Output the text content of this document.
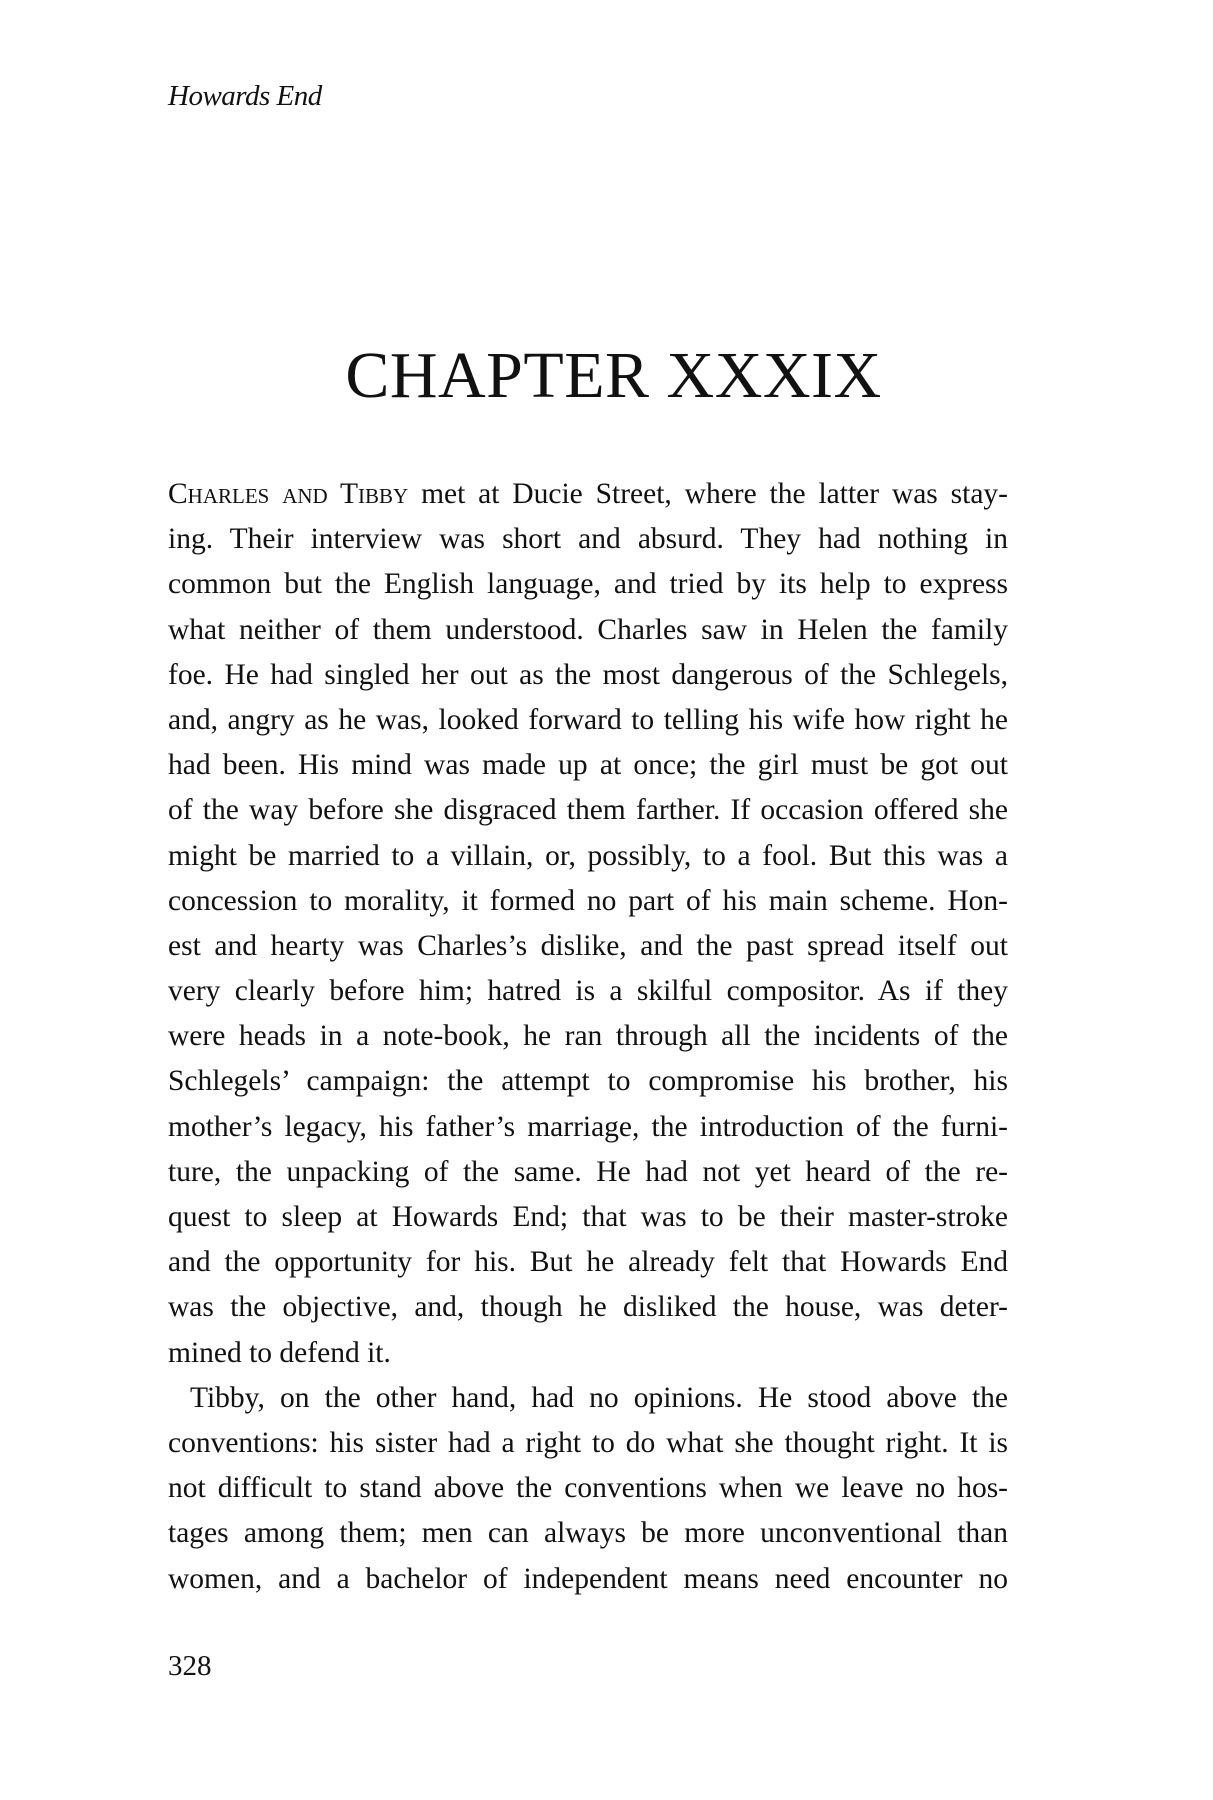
Howards End
CHAPTER XXXIX
Charles and Tibby met at Ducie Street, where the latter was stay-
ing. Their interview was short and absurd. They had nothing in
common but the English language, and tried by its help to express
what neither of them understood. Charles saw in Helen the family
foe. He had singled her out as the most dangerous of the Schlegels,
and, angry as he was, looked forward to telling his wife how right he
had been. His mind was made up at once; the girl must be got out
of the way before she disgraced them farther. If occasion offered she
might be married to a villain, or, possibly, to a fool. But this was a
concession to morality, it formed no part of his main scheme. Hon-
est and hearty was Charles’s dislike, and the past spread itself out
very clearly before him; hatred is a skilful compositor. As if they
were heads in a note-book, he ran through all the incidents of the
Schlegels’ campaign: the attempt to compromise his brother, his
mother’s legacy, his father’s marriage, the introduction of the furni-
ture, the unpacking of the same. He had not yet heard of the re-
quest to sleep at Howards End; that was to be their master-stroke
and the opportunity for his. But he already felt that Howards End
was the objective, and, though he disliked the house, was deter-
mined to defend it.
Tibby, on the other hand, had no opinions. He stood above the
conventions: his sister had a right to do what she thought right. It is
not difficult to stand above the conventions when we leave no hos-
tages among them; men can always be more unconventional than
women, and a bachelor of independent means need encounter no
328
